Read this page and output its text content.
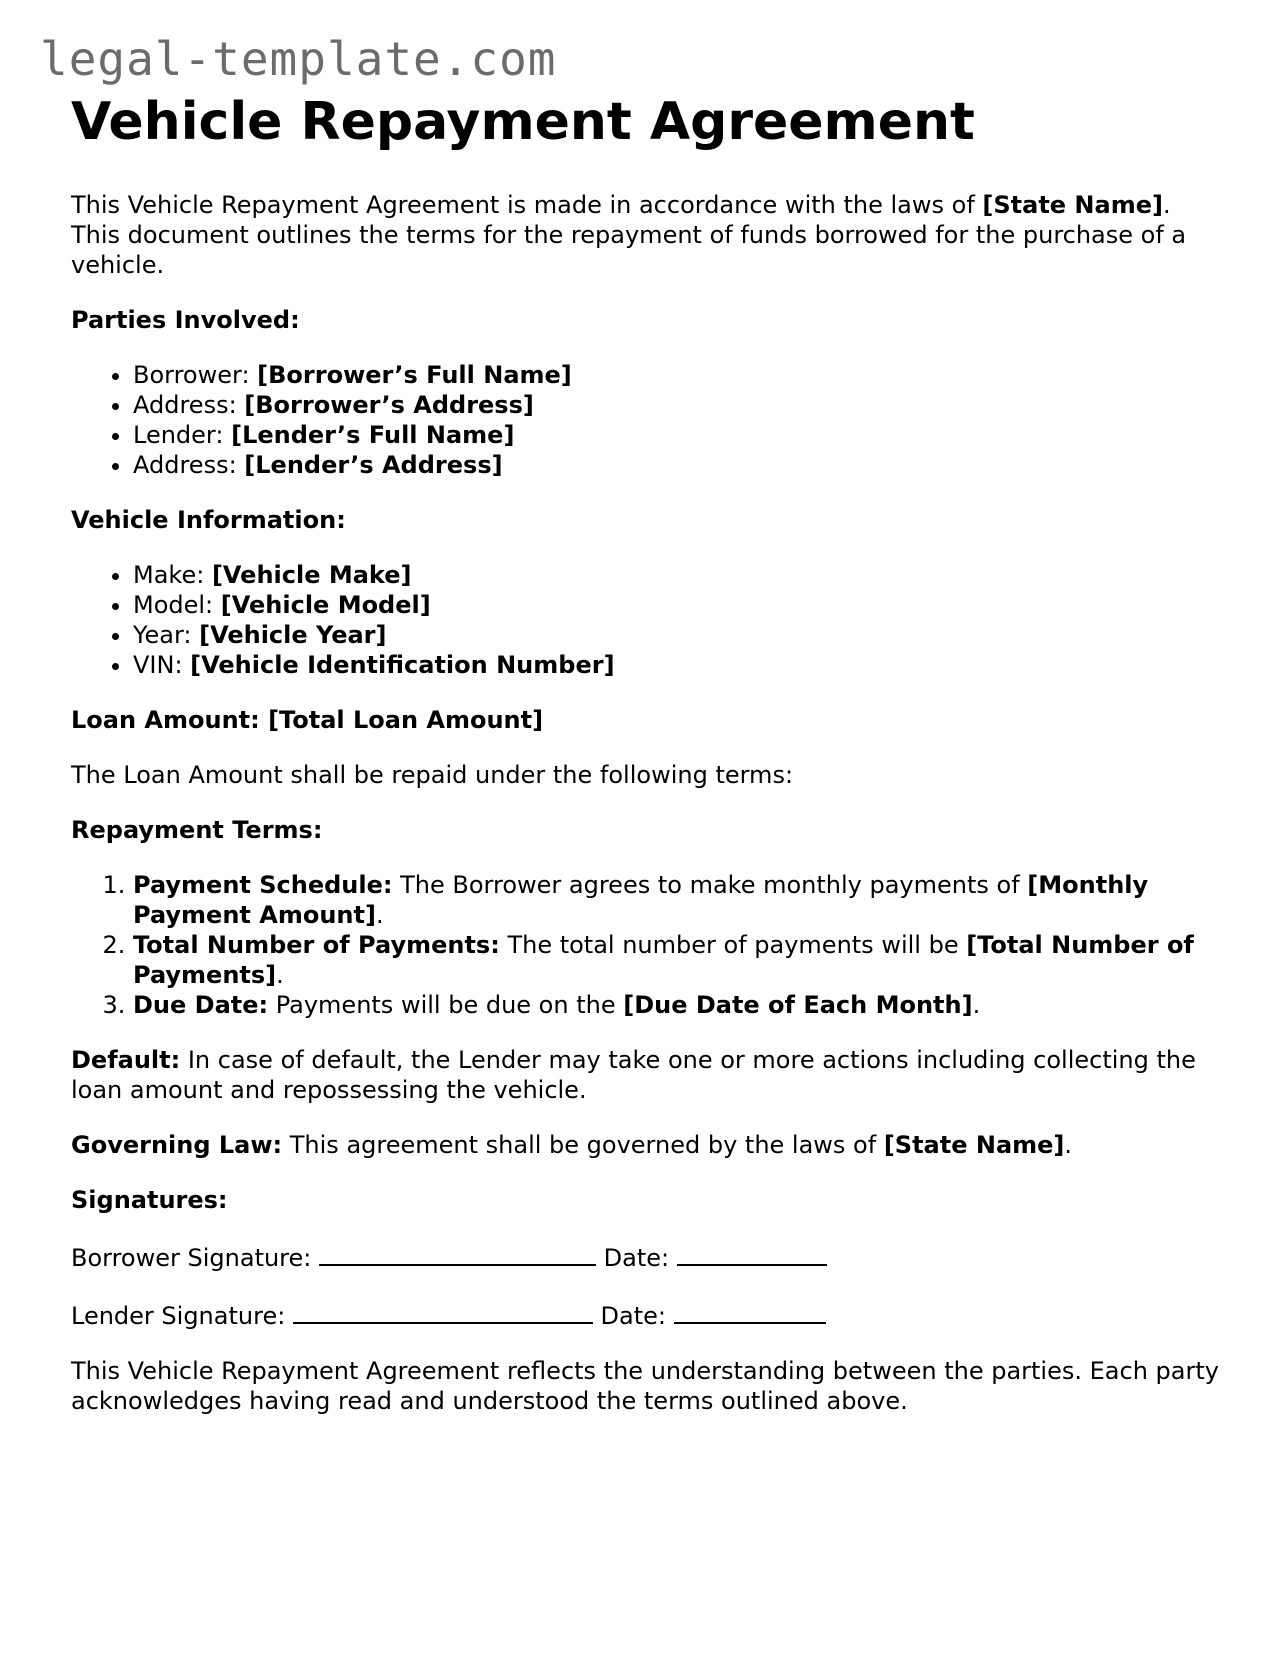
legal-template.com
Vehicle Repayment Agreement

This Vehicle Repayment Agreement is made in accordance with the laws of [State Name]. This document outlines the terms for the repayment of funds borrowed for the purchase of a vehicle.

Parties Involved:

• Borrower: [Borrower’s Full Name]
• Address: [Borrower’s Address]
• Lender: [Lender’s Full Name]
• Address: [Lender’s Address]

Vehicle Information:

• Make: [Vehicle Make]
• Model: [Vehicle Model]
• Year: [Vehicle Year]
• VIN: [Vehicle Identification Number]

Loan Amount: [Total Loan Amount]

The Loan Amount shall be repaid under the following terms:

Repayment Terms:

1. Payment Schedule: The Borrower agrees to make monthly payments of [Monthly Payment Amount].
2. Total Number of Payments: The total number of payments will be [Total Number of Payments].
3. Due Date: Payments will be due on the [Due Date of Each Month].

Default: In case of default, the Lender may take one or more actions including collecting the loan amount and repossessing the vehicle.

Governing Law: This agreement shall be governed by the laws of [State Name].

Signatures:

Borrower Signature:	Date:

Lender Signature:	Date:

This Vehicle Repayment Agreement reflects the understanding between the parties. Each party acknowledges having read and understood the terms outlined above.
